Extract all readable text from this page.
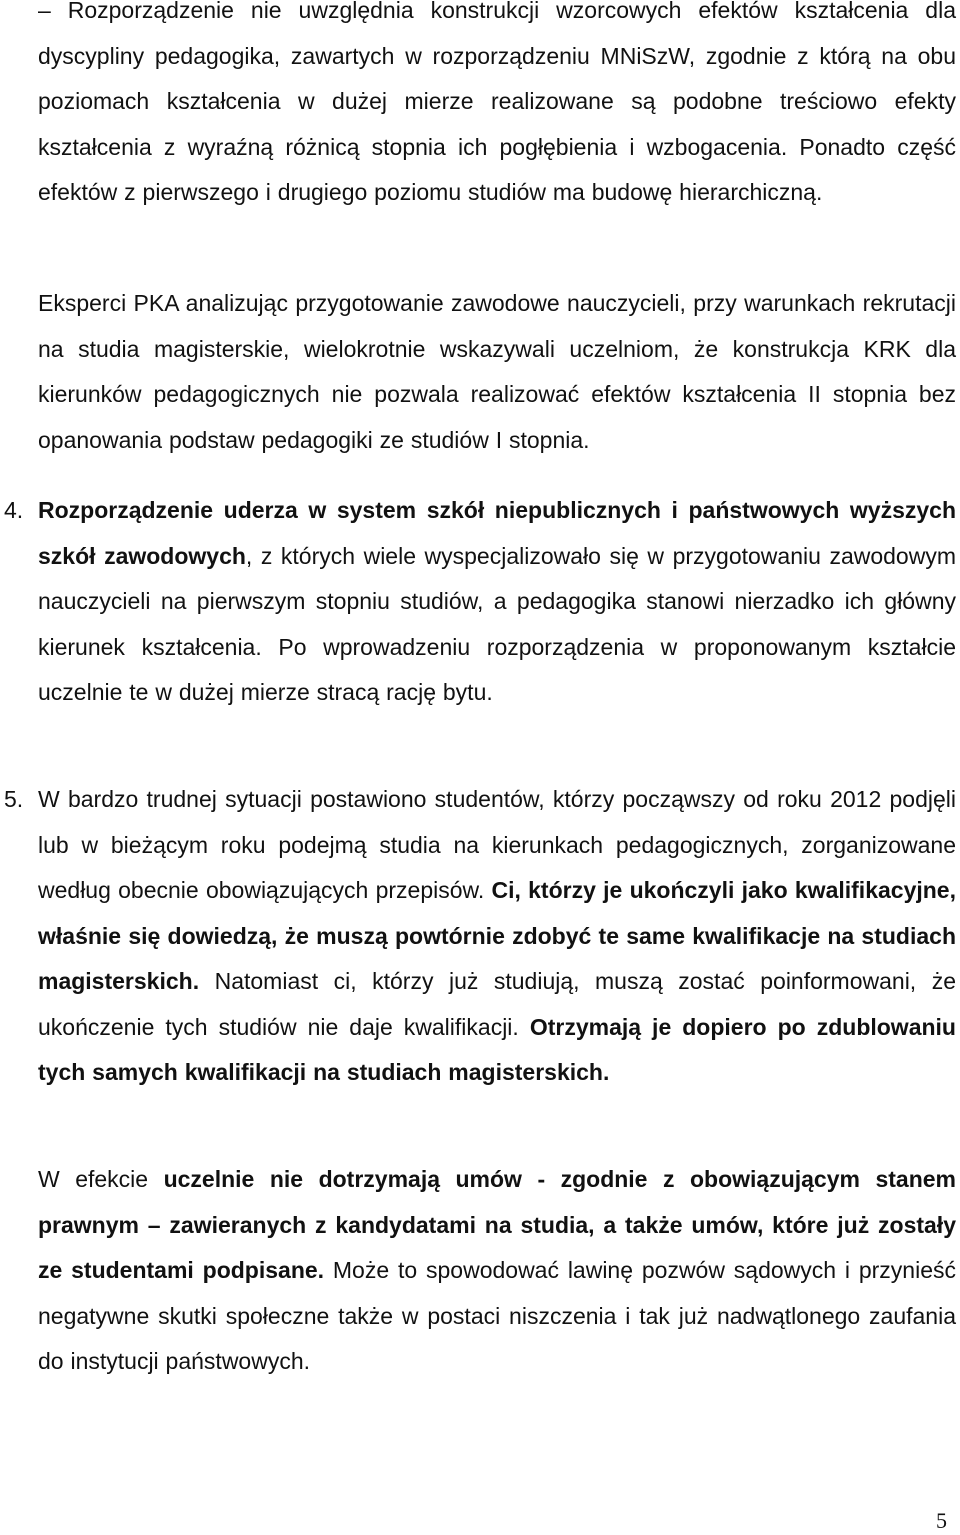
– Rozporządzenie nie uwzględnia konstrukcji wzorcowych efektów kształcenia dla dyscypliny pedagogika, zawartych w rozporządzeniu MNiSzW, zgodnie z którą na obu poziomach kształcenia w dużej mierze realizowane są podobne treściowo efekty kształcenia z wyraźną różnicą stopnia ich pogłębienia i wzbogacenia. Ponadto część efektów z pierwszego i drugiego poziomu studiów ma budowę hierarchiczną.

Eksperci PKA analizując przygotowanie zawodowe nauczycieli, przy warunkach rekrutacji na studia magisterskie, wielokrotnie wskazywali uczelniom, że konstrukcja KRK dla kierunków pedagogicznych nie pozwala realizować efektów kształcenia II stopnia bez opanowania podstaw pedagogiki ze studiów I stopnia.

4. Rozporządzenie uderza w system szkół niepublicznych i państwowych wyższych szkół zawodowych, z których wiele wyspecjalizowało się w przygotowaniu zawodowym nauczycieli na pierwszym stopniu studiów, a pedagogika stanowi nierzadko ich główny kierunek kształcenia. Po wprowadzeniu rozporządzenia w proponowanym kształcie uczelnie te w dużej mierze stracą rację bytu.

5. W bardzo trudnej sytuacji postawiono studentów, którzy począwszy od roku 2012 podjęli lub w bieżącym roku podejmą studia na kierunkach pedagogicznych, zorganizowane według obecnie obowiązujących przepisów. Ci, którzy je ukończyli jako kwalifikacyjne, właśnie się dowiedzą, że muszą powtórnie zdobyć te same kwalifikacje na studiach magisterskich. Natomiast ci, którzy już studiują, muszą zostać poinformowani, że ukończenie tych studiów nie daje kwalifikacji. Otrzymają je dopiero po zdublowaniu tych samych kwalifikacji na studiach magisterskich.

W efekcie uczelnie nie dotrzymają umów - zgodnie z obowiązującym stanem prawnym – zawieranych z kandydatami na studia, a także umów, które już zostały ze studentami podpisane. Może to spowodować lawinę pozwów sądowych i przynieść negatywne skutki społeczne także w postaci niszczenia i tak już nadwątlonego zaufania do instytucji państwowych.

5
